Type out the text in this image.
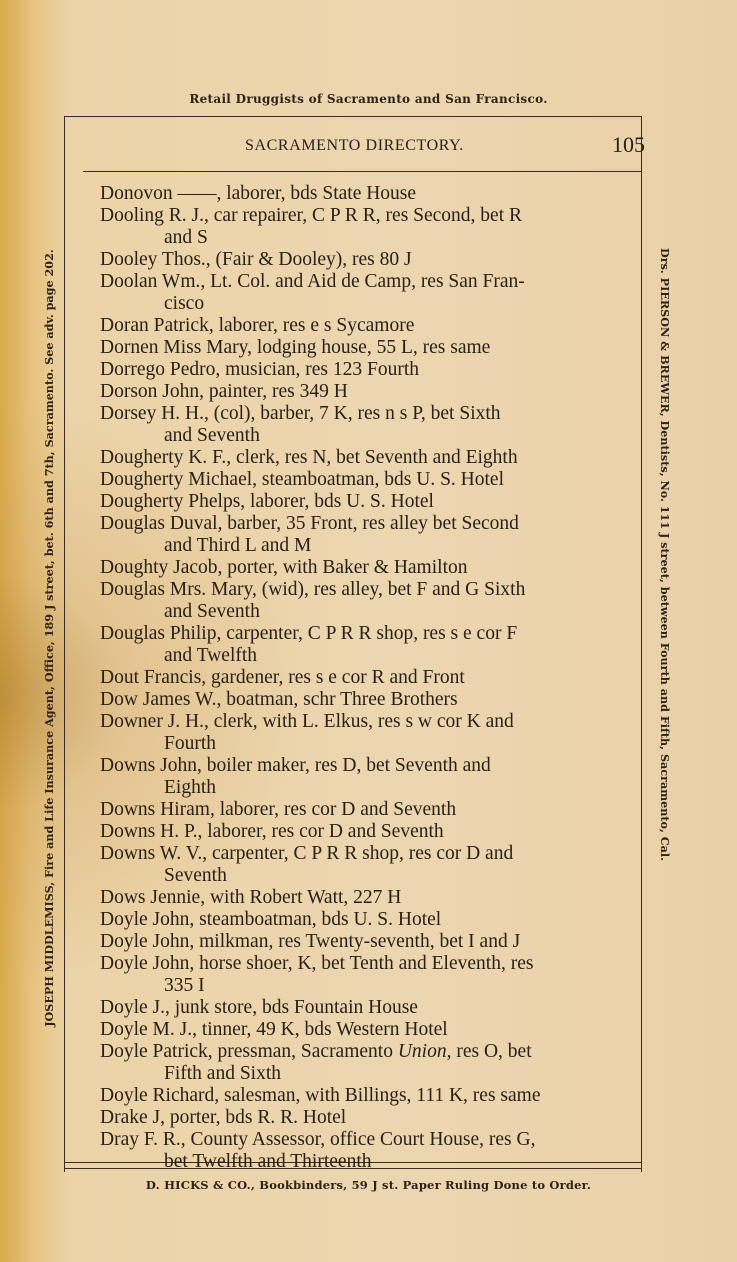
Retail Druggists of Sacramento and San Francisco.
SACRAMENTO DIRECTORY.	105
JOSEPH MIDDLEMISS, Fire and Life Insurance Agent, Office, 189 J street, bet. 6th and 7th, Sacramento. See adv. page 202.	Drs. PIERSON & BREWER, Dentists, No. 111 J street, between Fourth and Fifth, Sacramento, Cal.
Donovon ——, laborer, bds State House
Dooling R. J., car repairer, C P R R, res Second, bet R
and S
Dooley Thos., (Fair & Dooley), res 80 J
Doolan Wm., Lt. Col. and Aid de Camp, res San Fran-
cisco
Doran Patrick, laborer, res e s Sycamore
Dornen Miss Mary, lodging house, 55 L, res same
Dorrego Pedro, musician, res 123 Fourth
Dorson John, painter, res 349 H
Dorsey H. H., (col), barber, 7 K, res n s P, bet Sixth
and Seventh
Dougherty K. F., clerk, res N, bet Seventh and Eighth
Dougherty Michael, steamboatman, bds U. S. Hotel
Dougherty Phelps, laborer, bds U. S. Hotel
Douglas Duval, barber, 35 Front, res alley bet Second
and Third L and M
Doughty Jacob, porter, with Baker & Hamilton
Douglas Mrs. Mary, (wid), res alley, bet F and G Sixth
and Seventh
Douglas Philip, carpenter, C P R R shop, res s e cor F
and Twelfth
Dout Francis, gardener, res s e cor R and Front
Dow James W., boatman, schr Three Brothers
Downer J. H., clerk, with L. Elkus, res s w cor K and
Fourth
Downs John, boiler maker, res D, bet Seventh and
Eighth
Downs Hiram, laborer, res cor D and Seventh
Downs H. P., laborer, res cor D and Seventh
Downs W. V., carpenter, C P R R shop, res cor D and
Seventh
Dows Jennie, with Robert Watt, 227 H
Doyle John, steamboatman, bds U. S. Hotel
Doyle John, milkman, res Twenty-seventh, bet I and J
Doyle John, horse shoer, K, bet Tenth and Eleventh, res
335 I
Doyle J., junk store, bds Fountain House
Doyle M. J., tinner, 49 K, bds Western Hotel
Doyle Patrick, pressman, Sacramento Union, res O, bet
Fifth and Sixth
Doyle Richard, salesman, with Billings, 111 K, res same
Drake J, porter, bds R. R. Hotel
Dray F. R., County Assessor, office Court House, res G,
bet Twelfth and Thirteenth
D. HICKS & CO., Bookbinders, 59 J st. Paper Ruling Done to Order.
